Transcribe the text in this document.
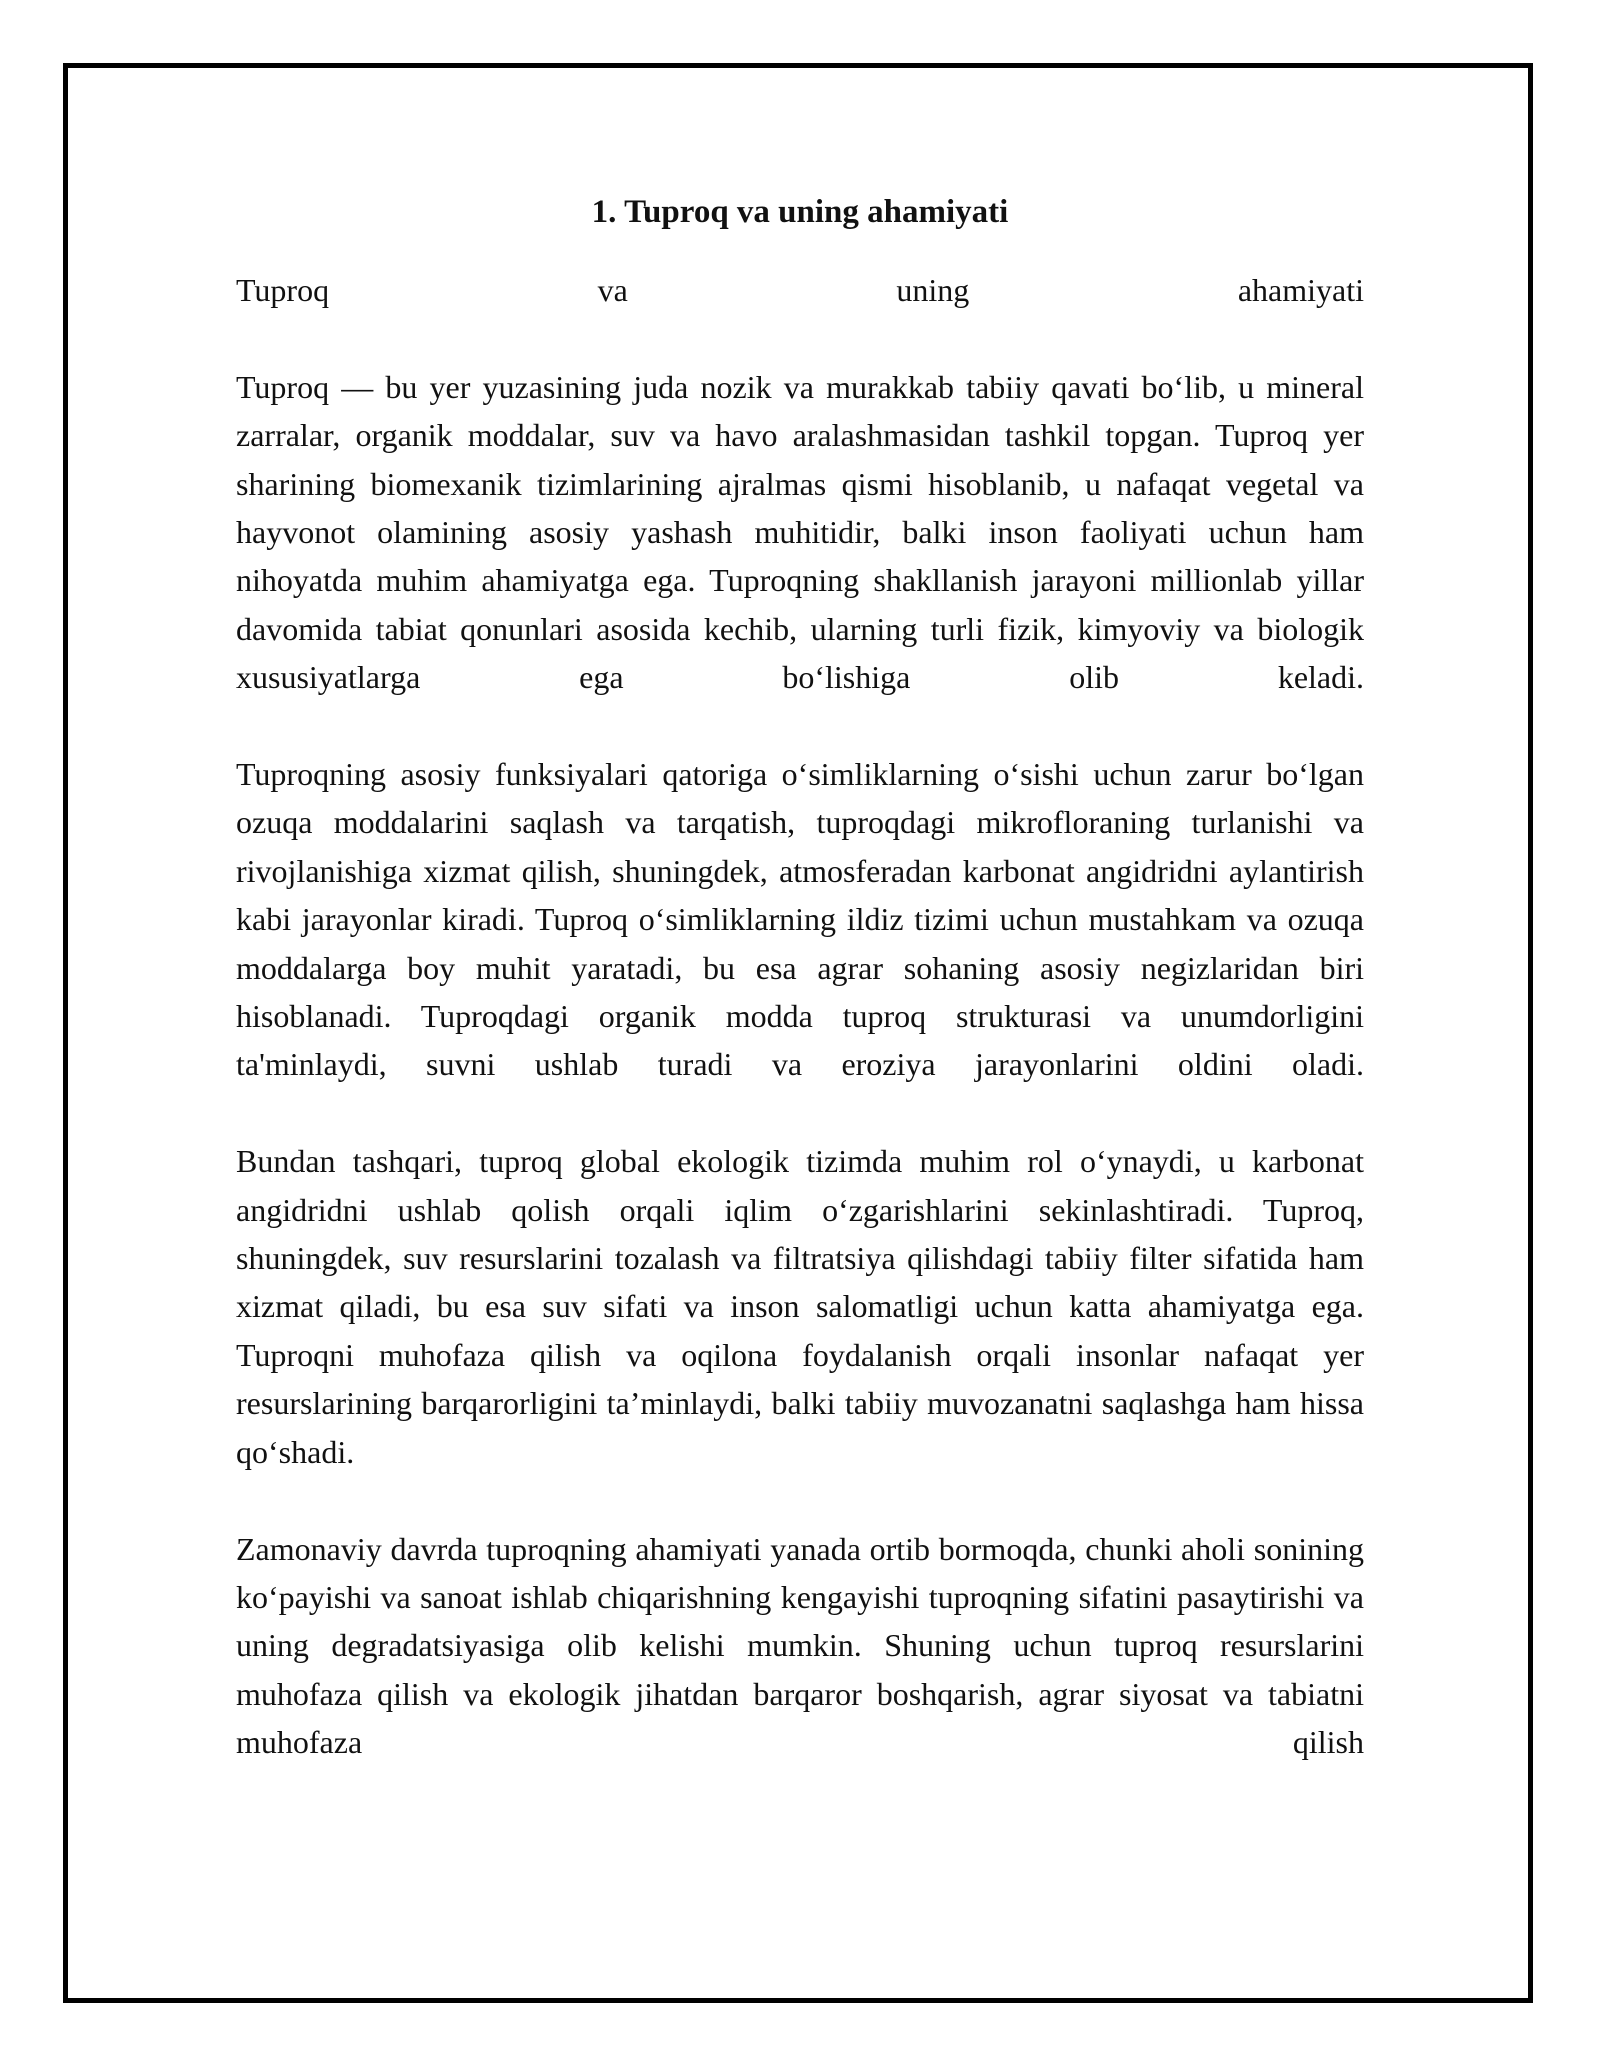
1. Tuproq va uning ahamiyati

Tuproq va uning ahamiyati

Tuproq — bu yer yuzasining juda nozik va murakkab tabiiy qavati bo‘lib, u mineral zarralar, organik moddalar, suv va havo aralashmasidan tashkil topgan. Tuproq yer sharining biomexanik tizimlarining ajralmas qismi hisoblanib, u nafaqat vegetal va hayvonot olamining asosiy yashash muhitidir, balki inson faoliyati uchun ham nihoyatda muhim ahamiyatga ega. Tuproqning shakllanish jarayoni millionlab yillar davomida tabiat qonunlari asosida kechib, ularning turli fizik, kimyoviy va biologik xususiyatlarga ega bo‘lishiga olib keladi.

Tuproqning asosiy funksiyalari qatoriga o‘simliklarning o‘sishi uchun zarur bo‘lgan ozuqa moddalarini saqlash va tarqatish, tuproqdagi mikrofloraning turlanishi va rivojlanishiga xizmat qilish, shuningdek, atmosferadan karbonat angidridni aylantirish kabi jarayonlar kiradi. Tuproq o‘simliklarning ildiz tizimi uchun mustahkam va ozuqa moddalarga boy muhit yaratadi, bu esa agrar sohaning asosiy negizlaridan biri hisoblanadi. Tuproqdagi organik modda tuproq strukturasi va unumdorligini ta'minlaydi, suvni ushlab turadi va eroziya jarayonlarini oldini oladi.

Bundan tashqari, tuproq global ekologik tizimda muhim rol o‘ynaydi, u karbonat angidridni ushlab qolish orqali iqlim o‘zgarishlarini sekinlashtiradi. Tuproq, shuningdek, suv resurslarini tozalash va filtratsiya qilishdagi tabiiy filter sifatida ham xizmat qiladi, bu esa suv sifati va inson salomatligi uchun katta ahamiyatga ega. Tuproqni muhofaza qilish va oqilona foydalanish orqali insonlar nafaqat yer resurslarining barqarorligini ta’minlaydi, balki tabiiy muvozanatni saqlashga ham hissa qo‘shadi.

Zamonaviy davrda tuproqning ahamiyati yanada ortib bormoqda, chunki aholi sonining ko‘payishi va sanoat ishlab chiqarishning kengayishi tuproqning sifatini pasaytirishi va uning degradatsiyasiga olib kelishi mumkin. Shuning uchun tuproq resurslarini muhofaza qilish va ekologik jihatdan barqaror boshqarish, agrar siyosat va tabiatni muhofaza qilish
